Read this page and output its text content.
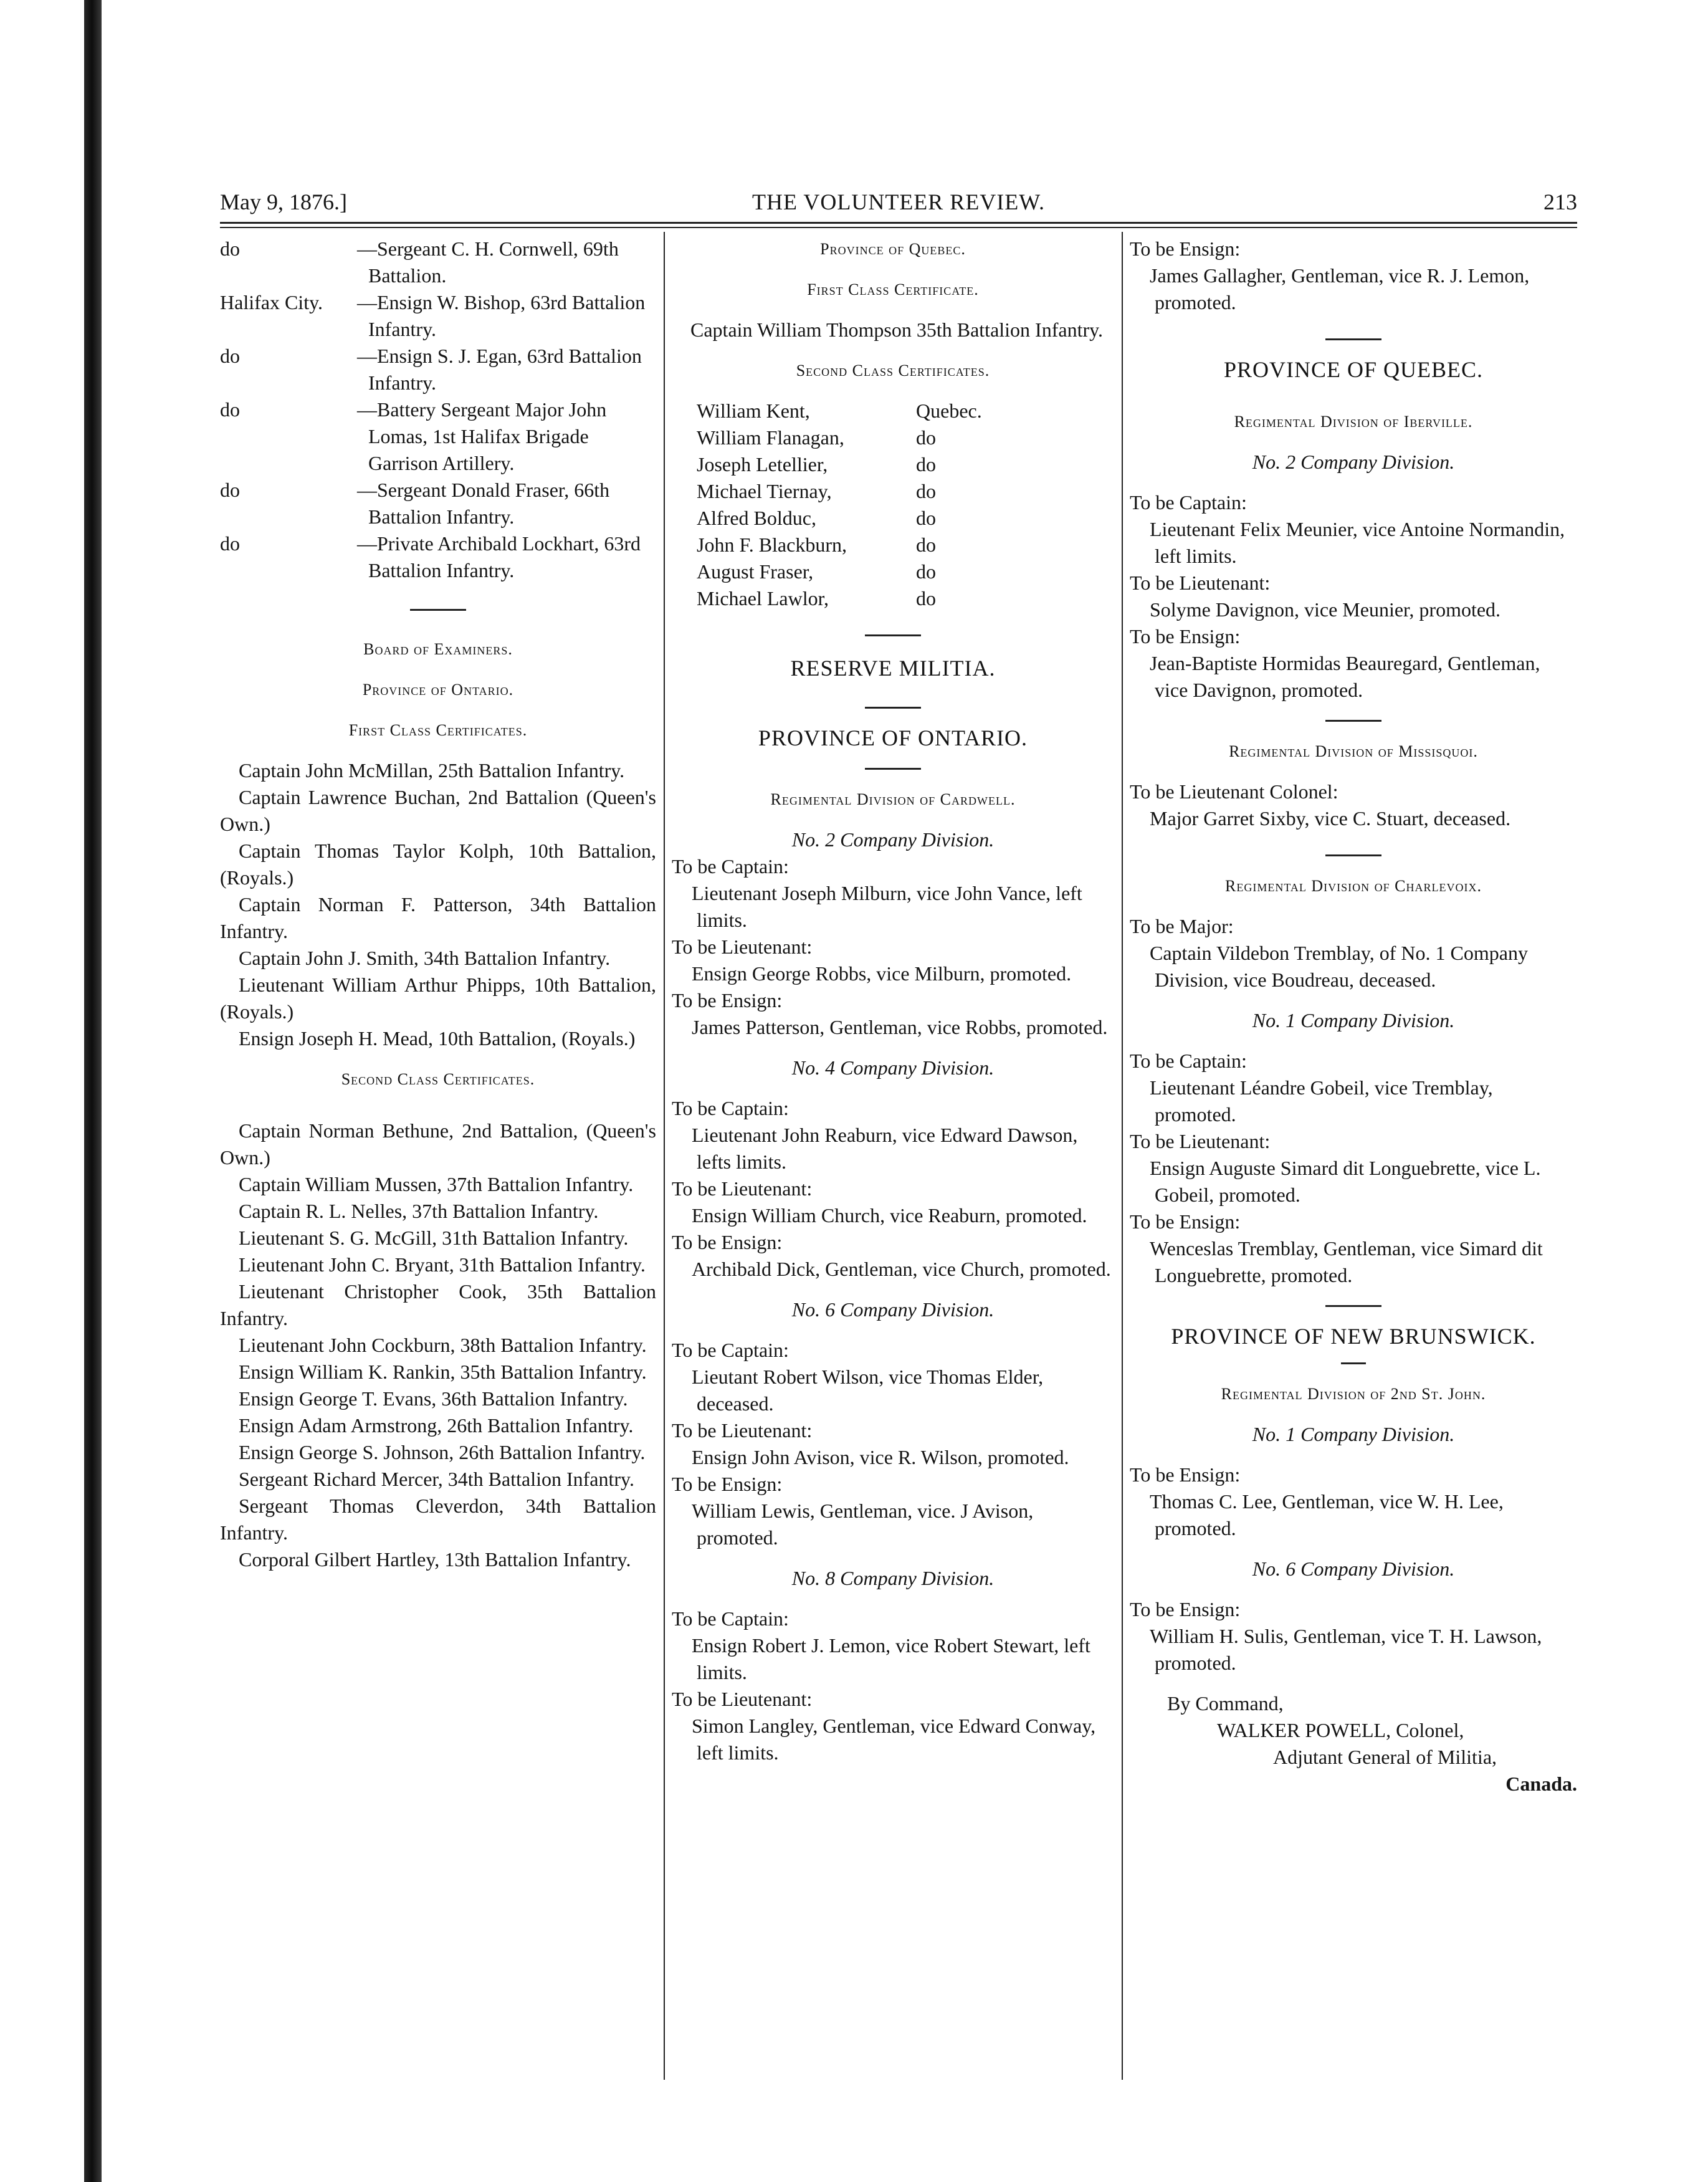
May 9, 1876.]	THE VOLUNTEER REVIEW.	213
do	—Sergeant C. H. Cornwell, 69th Battalion.
Halifax City.	—Ensign W. Bishop, 63rd Battalion Infantry.
do	—Ensign S. J. Egan, 63rd Battalion Infantry.
do	—Battery Sergeant Major John Lomas, 1st Halifax Brigade Garrison Artillery.
do	—Sergeant Donald Fraser, 66th Battalion Infantry.
do	—Private Archibald Lockhart, 63rd Battalion Infantry.

Board of Examiners.

Province of Ontario.

First Class Certificates.

Captain John McMillan, 25th Battalion Infantry.

Captain Lawrence Buchan, 2nd Battalion (Queen's Own.)

Captain Thomas Taylor Kolph, 10th Battalion, (Royals.)

Captain Norman F. Patterson, 34th Battalion Infantry.

Captain John J. Smith, 34th Battalion Infantry.

Lieutenant William Arthur Phipps, 10th Battalion, (Royals.)

Ensign Joseph H. Mead, 10th Battalion, (Royals.)

Second Class Certificates.

Captain Norman Bethune, 2nd Battalion, (Queen's Own.)

Captain William Mussen, 37th Battalion Infantry.

Captain R. L. Nelles, 37th Battalion Infantry.

Lieutenant S. G. McGill, 31th Battalion Infantry.

Lieutenant John C. Bryant, 31th Battalion Infantry.

Lieutenant Christopher Cook, 35th Battalion Infantry.

Lieutenant John Cockburn, 38th Battalion Infantry.

Ensign William K. Rankin, 35th Battalion Infantry.

Ensign George T. Evans, 36th Battalion Infantry.

Ensign Adam Armstrong, 26th Battalion Infantry.

Ensign George S. Johnson, 26th Battalion Infantry.

Sergeant Richard Mercer, 34th Battalion Infantry.

Sergeant Thomas Cleverdon, 34th Battalion Infantry.

Corporal Gilbert Hartley, 13th Battalion Infantry.

Province of Quebec.

First Class Certificate.

Captain William Thompson 35th Battalion Infantry.

Second Class Certificates.

William Kent,	Quebec.
William Flanagan,	do
Joseph Letellier,	do
Michael Tiernay,	do
Alfred Bolduc,	do
John F. Blackburn,	do
August Fraser,	do
Michael Lawlor,	do

RESERVE MILITIA.

PROVINCE OF ONTARIO.

Regimental Division of Cardwell.

No. 2 Company Division.

To be Captain:

Lieutenant Joseph Milburn, vice John Vance, left limits.

To be Lieutenant:

Ensign George Robbs, vice Milburn, promoted.

To be Ensign:

James Patterson, Gentleman, vice Robbs, promoted.

No. 4 Company Division.

To be Captain:

Lieutenant John Reaburn, vice Edward Dawson, lefts limits.

To be Lieutenant:

Ensign William Church, vice Reaburn, promoted.

To be Ensign:

Archibald Dick, Gentleman, vice Church, promoted.

No. 6 Company Division.

To be Captain:

Lieutant Robert Wilson, vice Thomas Elder, deceased.

To be Lieutenant:

Ensign John Avison, vice R. Wilson, promoted.

To be Ensign:

William Lewis, Gentleman, vice. J Avison, promoted.

No. 8 Company Division.

To be Captain:

Ensign Robert J. Lemon, vice Robert Stewart, left limits.

To be Lieutenant:

Simon Langley, Gentleman, vice Edward Conway, left limits.

To be Ensign:

James Gallagher, Gentleman, vice R. J. Lemon, promoted.

PROVINCE OF QUEBEC.

Regimental Division of Iberville.

No. 2 Company Division.

To be Captain:

Lieutenant Felix Meunier, vice Antoine Normandin, left limits.

To be Lieutenant:

Solyme Davignon, vice Meunier, promoted.

To be Ensign:

Jean-Baptiste Hormidas Beauregard, Gentleman, vice Davignon, promoted.

Regimental Division of Missisquoi.

To be Lieutenant Colonel:

Major Garret Sixby, vice C. Stuart, deceased.

Regimental Division of Charlevoix.

To be Major:

Captain Vildebon Tremblay, of No. 1 Company Division, vice Boudreau, deceased.

No. 1 Company Division.

To be Captain:

Lieutenant Léandre Gobeil, vice Tremblay, promoted.

To be Lieutenant:

Ensign Auguste Simard dit Longuebrette, vice L. Gobeil, promoted.

To be Ensign:

Wenceslas Tremblay, Gentleman, vice Simard dit Longuebrette, promoted.

PROVINCE OF NEW BRUNSWICK.

Regimental Division of 2nd St. John.

No. 1 Company Division.

To be Ensign:

Thomas C. Lee, Gentleman, vice W. H. Lee, promoted.

No. 6 Company Division.

To be Ensign:

William H. Sulis, Gentleman, vice T. H. Lawson, promoted.

By Command,

WALKER POWELL, Colonel,

Adjutant General of Militia,

Canada.
